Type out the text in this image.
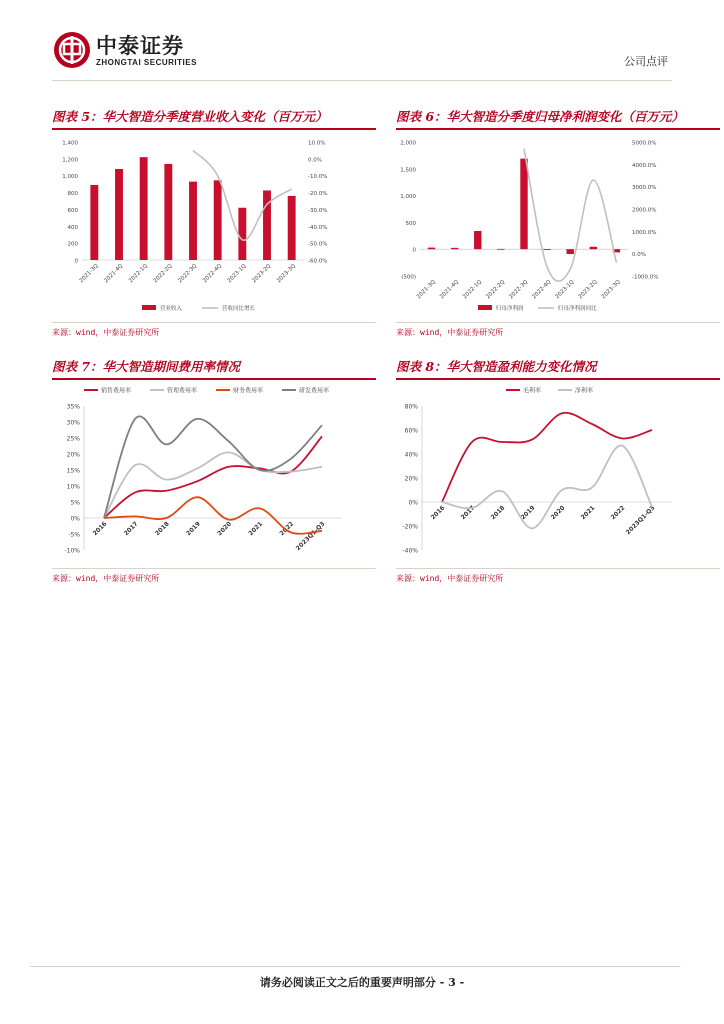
中泰证券
ZHONGTAI SECURITIES	公司点评
图表 5：华大智造分季度营业收入变化（百万元）
0
200
400
600
800
1,000
1,200
1,400
-60.0%
-50.0%
-40.0%
-30.0%
-20.0%
-10.0%
0.0%
10.0%
2021-3Q 2021-4Q 2022-1Q 2022-2Q 2022-3Q 2022-4Q 2023-1Q 2023-2Q 2023-3Q
营业收入	营收同比增长
来源：wind，中泰证券研究所
图表 6：华大智造分季度归母净利润变化（百万元）
(500)
0
500
1,000
1,500
2,000
-1000.0%
0.0%
1000.0%
2000.0%
3000.0%
4000.0%
5000.0%
2021-3Q 2021-4Q 2022-1Q 2022-2Q 2022-3Q 2022-4Q 2023-1Q 2023-2Q 2023-3Q
归母净利润	归母净利润同比
来源：wind，中泰证券研究所
图表 7：华大智造期间费用率情况
-10%
-5%
0%
5%
10%
15%
20%
25%
30%
35%
2016 2017 2018 2019 2020 2021 2022 2023Q1-Q3
销售费用率	管理费用率	财务费用率	研发费用率
来源：wind，中泰证券研究所
图表 8：华大智造盈利能力变化情况
-40%
-20%
0%
20%
40%
60%
80%
2016 2017 2018 2019 2020 2021 2022
2023Q1-Q3
毛利率	净利率
来源：wind，中泰证券研究所
请务必阅读正文之后的重要声明部分 - 3 -
